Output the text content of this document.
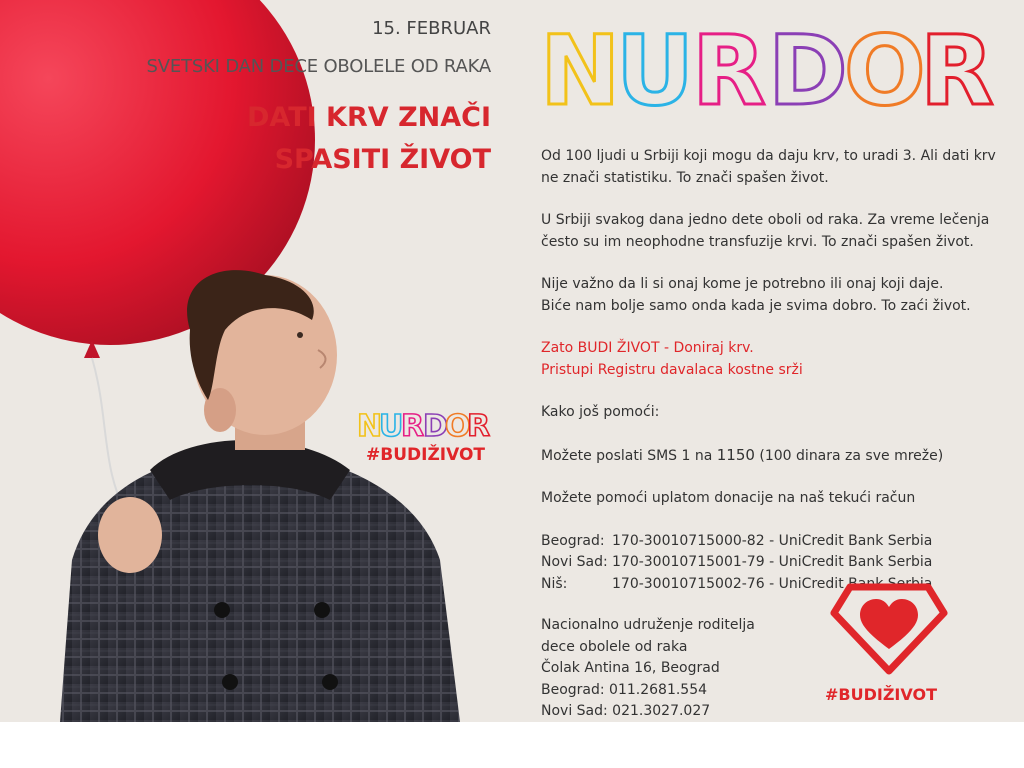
15. FEBRUAR
SVETSKI DAN DECE OBOLELE OD RAKA
DATI KRV ZNAČI
SPASITI ŽIVOT
N
U
R
D
O
R
#BUDIŽIVOT
N
U
R D
O
R

Od 100 ljudi u Srbiji koji mogu da daju krv, to uradi 3. Ali dati krv

ne znači statistiku. To znači spašen život.

U Srbiji svakog dana jedno dete oboli od raka. Za vreme lečenja

često su im neophodne transfuzije krvi. To znači spašen život.

Nije važno da li si onaj kome je potrebno ili onaj koji daje.

Biće nam bolje samo onda kada je svima dobro. To zaći život.

Zato BUDI ŽIVOT - Doniraj krv.

Pristupi Registru davalaca kostne srži

Kako još pomoći:

Možete poslati SMS 1 na 1150 (100 dinara za sve mreže)

Možete pomoći uplatom donacije na naš tekući račun

Beograd: 170-30010715000-82 - UniCredit Bank Serbia

Novi Sad: 170-30010715001-79 - UniCredit Bank Serbia

Niš:	170-30010715002-76 - UniCredit Bank Serbia

Nacionalno udruženje roditelja

dece obolele od raka

Čolak Antina 16, Beograd

Beograd: 011.2681.554

Novi Sad: 021.3027.027

#BUDIŽIVOT
